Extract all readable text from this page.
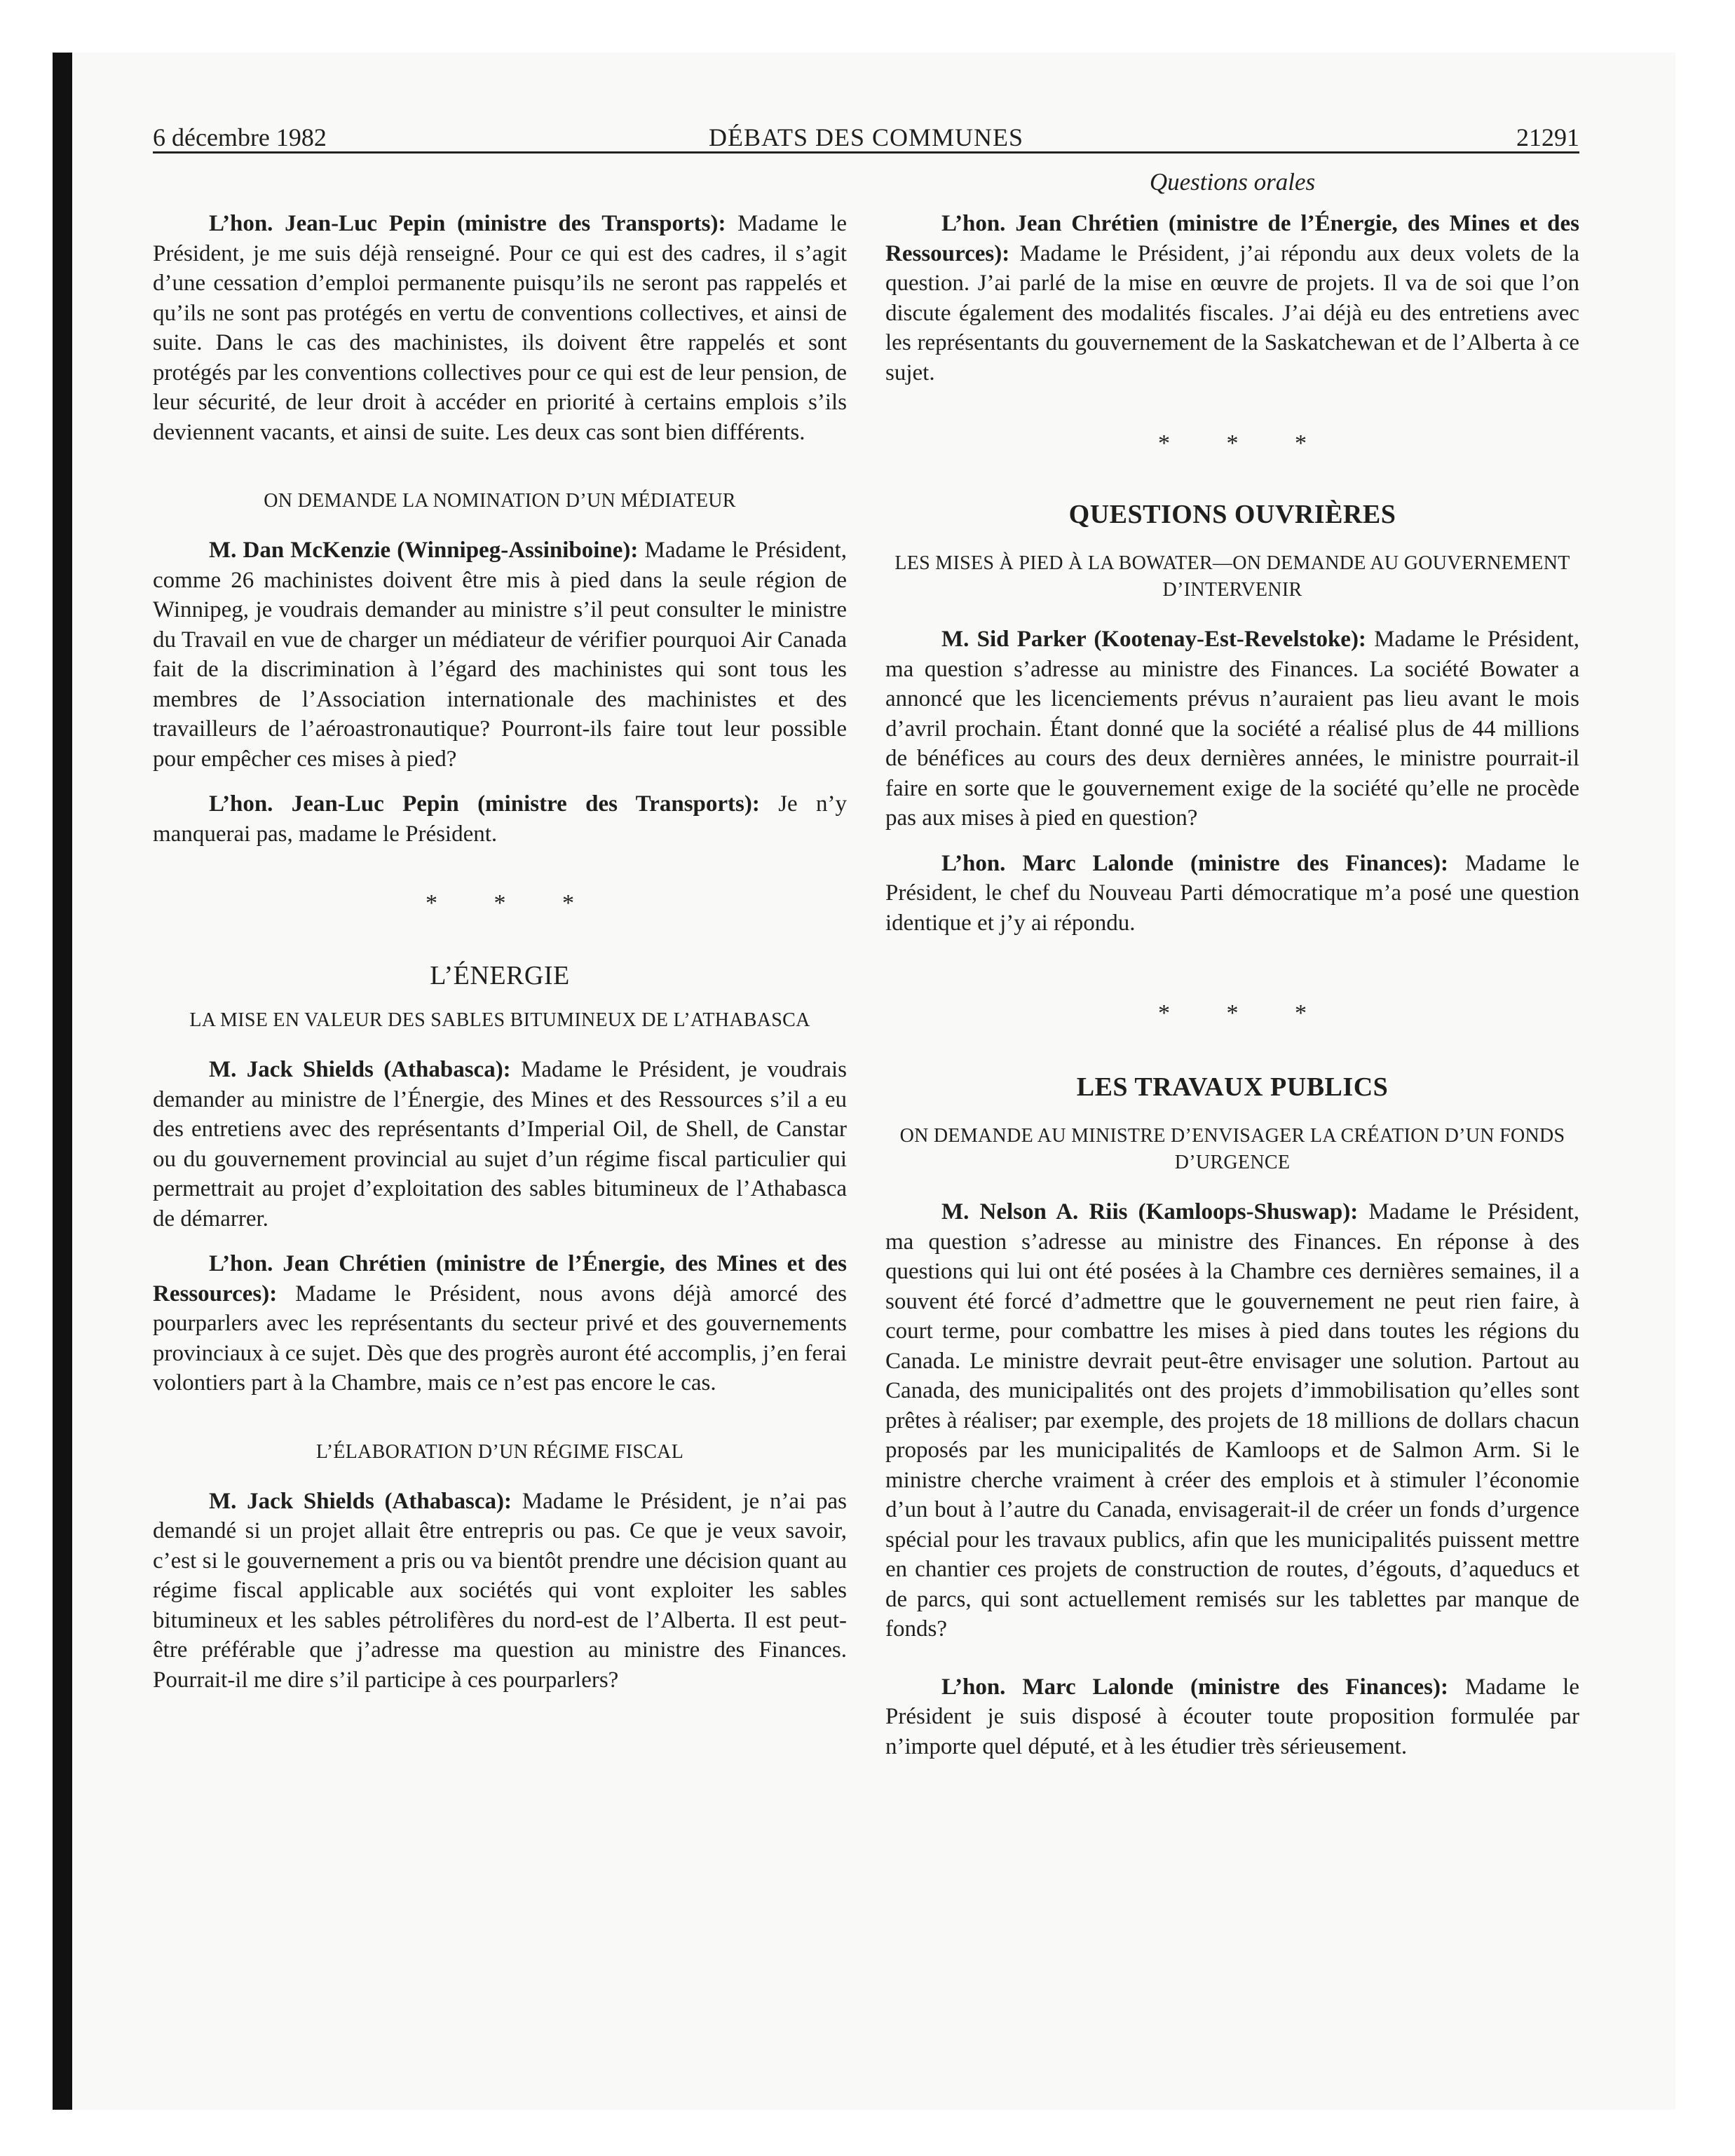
6 décembre 1982	DÉBATS DES COMMUNES	21291

L’hon. Jean-Luc Pepin (ministre des Transports): Madame le Président, je me suis déjà renseigné. Pour ce qui est des cadres, il s’agit d’une cessation d’emploi permanente puisqu’ils ne seront pas rappelés et qu’ils ne sont pas protégés en vertu de conventions collectives, et ainsi de suite. Dans le cas des machinistes, ils doivent être rappelés et sont protégés par les conventions collectives pour ce qui est de leur pension, de leur sécurité, de leur droit à accéder en priorité à certains emplois s’ils deviennent vacants, et ainsi de suite. Les deux cas sont bien différents.

ON DEMANDE LA NOMINATION D’UN MÉDIATEUR

M. Dan McKenzie (Winnipeg-Assiniboine): Madame le Président, comme 26 machinistes doivent être mis à pied dans la seule région de Winnipeg, je voudrais demander au ministre s’il peut consulter le ministre du Travail en vue de charger un médiateur de vérifier pourquoi Air Canada fait de la discrimination à l’égard des machinistes qui sont tous les membres de l’Association internationale des machinistes et des travailleurs de l’aéroastronautique? Pourront-ils faire tout leur possible pour empêcher ces mises à pied?

L’hon. Jean-Luc Pepin (ministre des Transports): Je n’y manquerai pas, madame le Président.

* * *

L’ÉNERGIE

LA MISE EN VALEUR DES SABLES BITUMINEUX DE L’ATHABASCA

M. Jack Shields (Athabasca): Madame le Président, je voudrais demander au ministre de l’Énergie, des Mines et des Ressources s’il a eu des entretiens avec des représentants d’Imperial Oil, de Shell, de Canstar ou du gouvernement provincial au sujet d’un régime fiscal particulier qui permettrait au projet d’exploitation des sables bitumineux de l’Athabasca de démarrer.

L’hon. Jean Chrétien (ministre de l’Énergie, des Mines et des Ressources): Madame le Président, nous avons déjà amorcé des pourparlers avec les représentants du secteur privé et des gouvernements provinciaux à ce sujet. Dès que des progrès auront été accomplis, j’en ferai volontiers part à la Chambre, mais ce n’est pas encore le cas.

L’ÉLABORATION D’UN RÉGIME FISCAL

M. Jack Shields (Athabasca): Madame le Président, je n’ai pas demandé si un projet allait être entrepris ou pas. Ce que je veux savoir, c’est si le gouvernement a pris ou va bientôt prendre une décision quant au régime fiscal applicable aux sociétés qui vont exploiter les sables bitumineux et les sables pétrolifères du nord-est de l’Alberta. Il est peut-être préférable que j’adresse ma question au ministre des Finances. Pourrait-il me dire s’il participe à ces pourparlers?

Questions orales

L’hon. Jean Chrétien (ministre de l’Énergie, des Mines et des Ressources): Madame le Président, j’ai répondu aux deux volets de la question. J’ai parlé de la mise en œuvre de projets. Il va de soi que l’on discute également des modalités fiscales. J’ai déjà eu des entretiens avec les représentants du gouvernement de la Saskatchewan et de l’Alberta à ce sujet.

* * *

QUESTIONS OUVRIÈRES

LES MISES À PIED À LA BOWATER—ON DEMANDE AU GOUVERNEMENT D’INTERVENIR

M. Sid Parker (Kootenay-Est-Revelstoke): Madame le Président, ma question s’adresse au ministre des Finances. La société Bowater a annoncé que les licenciements prévus n’auraient pas lieu avant le mois d’avril prochain. Étant donné que la société a réalisé plus de 44 millions de bénéfices au cours des deux dernières années, le ministre pourrait-il faire en sorte que le gouvernement exige de la société qu’elle ne procède pas aux mises à pied en question?

L’hon. Marc Lalonde (ministre des Finances): Madame le Président, le chef du Nouveau Parti démocratique m’a posé une question identique et j’y ai répondu.

* * *

LES TRAVAUX PUBLICS

ON DEMANDE AU MINISTRE D’ENVISAGER LA CRÉATION D’UN FONDS D’URGENCE

M. Nelson A. Riis (Kamloops-Shuswap): Madame le Président, ma question s’adresse au ministre des Finances. En réponse à des questions qui lui ont été posées à la Chambre ces dernières semaines, il a souvent été forcé d’admettre que le gouvernement ne peut rien faire, à court terme, pour combattre les mises à pied dans toutes les régions du Canada. Le ministre devrait peut-être envisager une solution. Partout au Canada, des municipalités ont des projets d’immobilisation qu’elles sont prêtes à réaliser; par exemple, des projets de 18 millions de dollars chacun proposés par les municipalités de Kamloops et de Salmon Arm. Si le ministre cherche vraiment à créer des emplois et à stimuler l’économie d’un bout à l’autre du Canada, envisagerait-il de créer un fonds d’urgence spécial pour les travaux publics, afin que les municipalités puissent mettre en chantier ces projets de construction de routes, d’égouts, d’aqueducs et de parcs, qui sont actuellement remisés sur les tablettes par manque de fonds?

L’hon. Marc Lalonde (ministre des Finances): Madame le Président je suis disposé à écouter toute proposition formulée par n’importe quel député, et à les étudier très sérieusement.
